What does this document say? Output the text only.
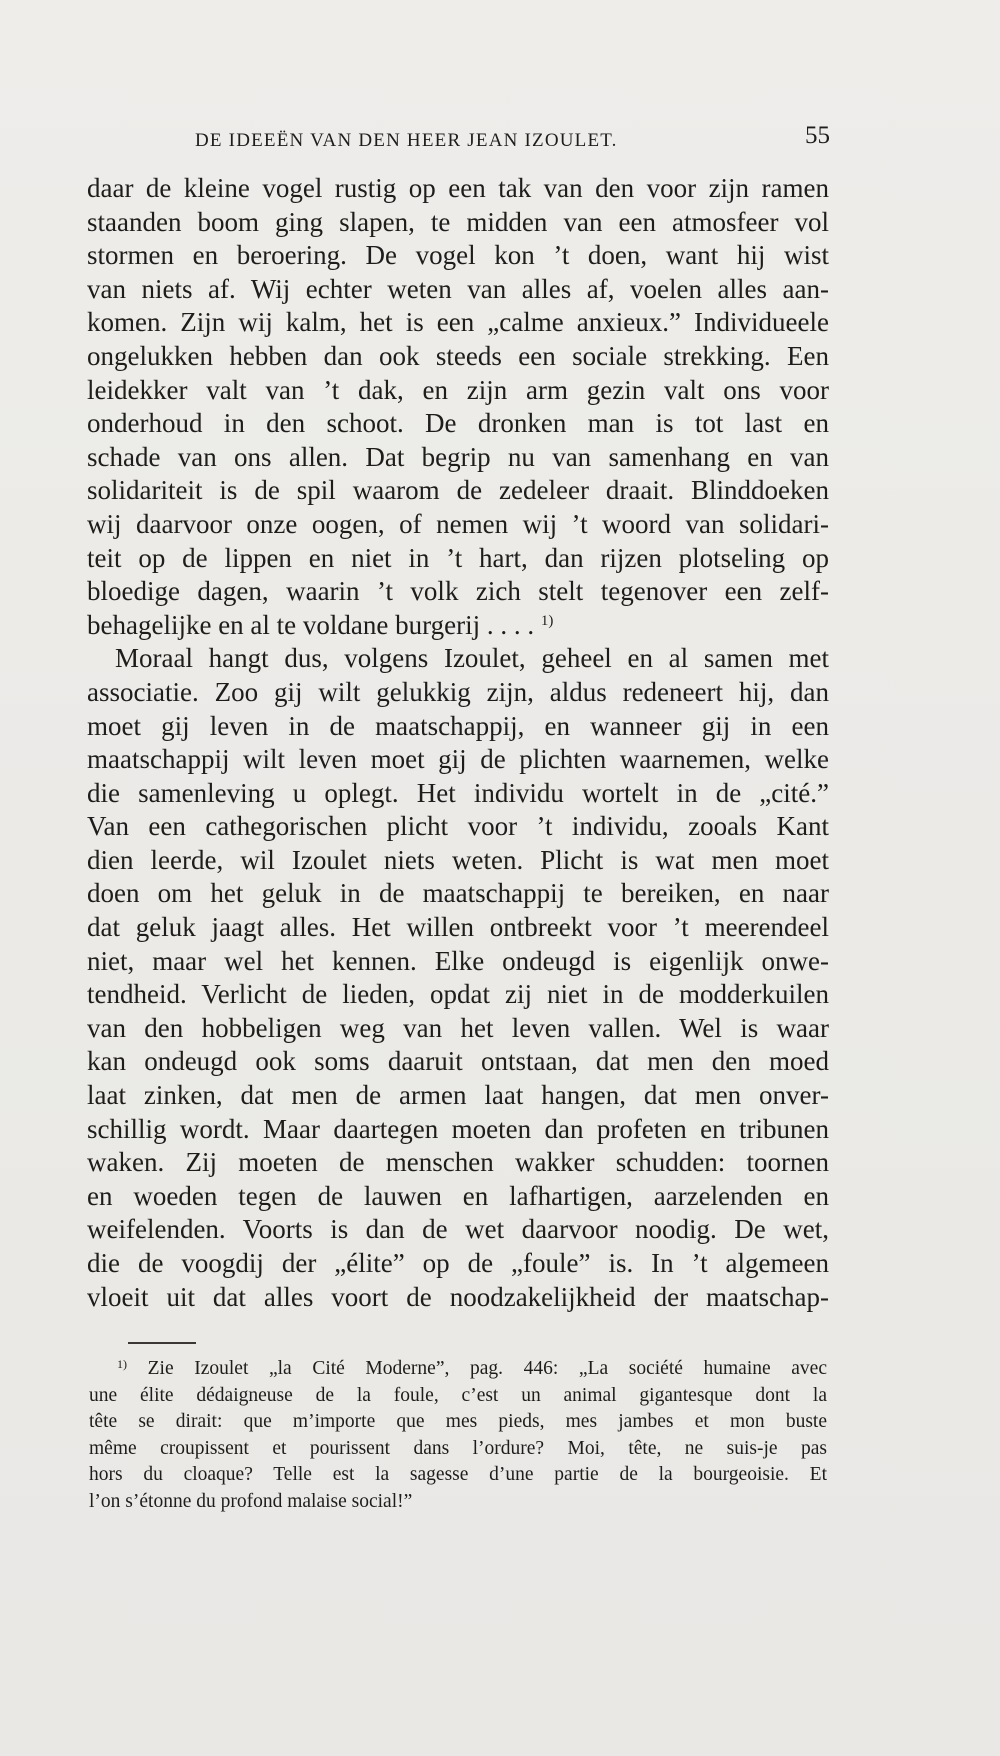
DE IDEEËN VAN DEN HEER JEAN IZOULET.	55
daar de kleine vogel rustig op een tak van den voor zijn ramen
staanden boom ging slapen, te midden van een atmosfeer vol
stormen en beroering. De vogel kon ’t doen, want hij wist
van niets af. Wij echter weten van alles af, voelen alles aan-
komen. Zijn wij kalm, het is een „calme anxieux.” Individueele
ongelukken hebben dan ook steeds een sociale strekking. Een
leidekker valt van ’t dak, en zijn arm gezin valt ons voor
onderhoud in den schoot. De dronken man is tot last en
schade van ons allen. Dat begrip nu van samenhang en van
solidariteit is de spil waarom de zedeleer draait. Blinddoeken
wij daarvoor onze oogen, of nemen wij ’t woord van solidari-
teit op de lippen en niet in ’t hart, dan rijzen plotseling op
bloedige dagen, waarin ’t volk zich stelt tegenover een zelf-
behagelijke en al te voldane burgerij . . . . $^{1)}$
Moraal hangt dus, volgens Izoulet, geheel en al samen met
associatie. Zoo gij wilt gelukkig zijn, aldus redeneert hij, dan
moet gij leven in de maatschappij, en wanneer gij in een
maatschappij wilt leven moet gij de plichten waarnemen, welke
die samenleving u oplegt. Het individu wortelt in de „cité.”
Van een cathegorischen plicht voor ’t individu, zooals Kant
dien leerde, wil Izoulet niets weten. Plicht is wat men moet
doen om het geluk in de maatschappij te bereiken, en naar
dat geluk jaagt alles. Het willen ontbreekt voor ’t meerendeel
niet, maar wel het kennen. Elke ondeugd is eigenlijk onwe-
tendheid. Verlicht de lieden, opdat zij niet in de modderkuilen
van den hobbeligen weg van het leven vallen. Wel is waar
kan ondeugd ook soms daaruit ontstaan, dat men den moed
laat zinken, dat men de armen laat hangen, dat men onver-
schillig wordt. Maar daartegen moeten dan profeten en tribunen
waken. Zij moeten de menschen wakker schudden: toornen
en woeden tegen de lauwen en lafhartigen, aarzelenden en
weifelenden. Voorts is dan de wet daarvoor noodig. De wet,
die de voogdij der „élite” op de „foule” is. In ’t algemeen
vloeit uit dat alles voort de noodzakelijkheid der maatschap-
$^{1)}$ Zie Izoulet „la Cité Moderne”, pag. 446: „La société humaine avec
une élite dédaigneuse de la foule, c’est un animal gigantesque dont la
tête se dirait: que m’importe que mes pieds, mes jambes et mon buste
même croupissent et pourissent dans l’ordure? Moi, tête, ne suis-je pas
hors du cloaque? Telle est la sagesse d’une partie de la bourgeoisie. Et
l’on s’étonne du profond malaise social!”
